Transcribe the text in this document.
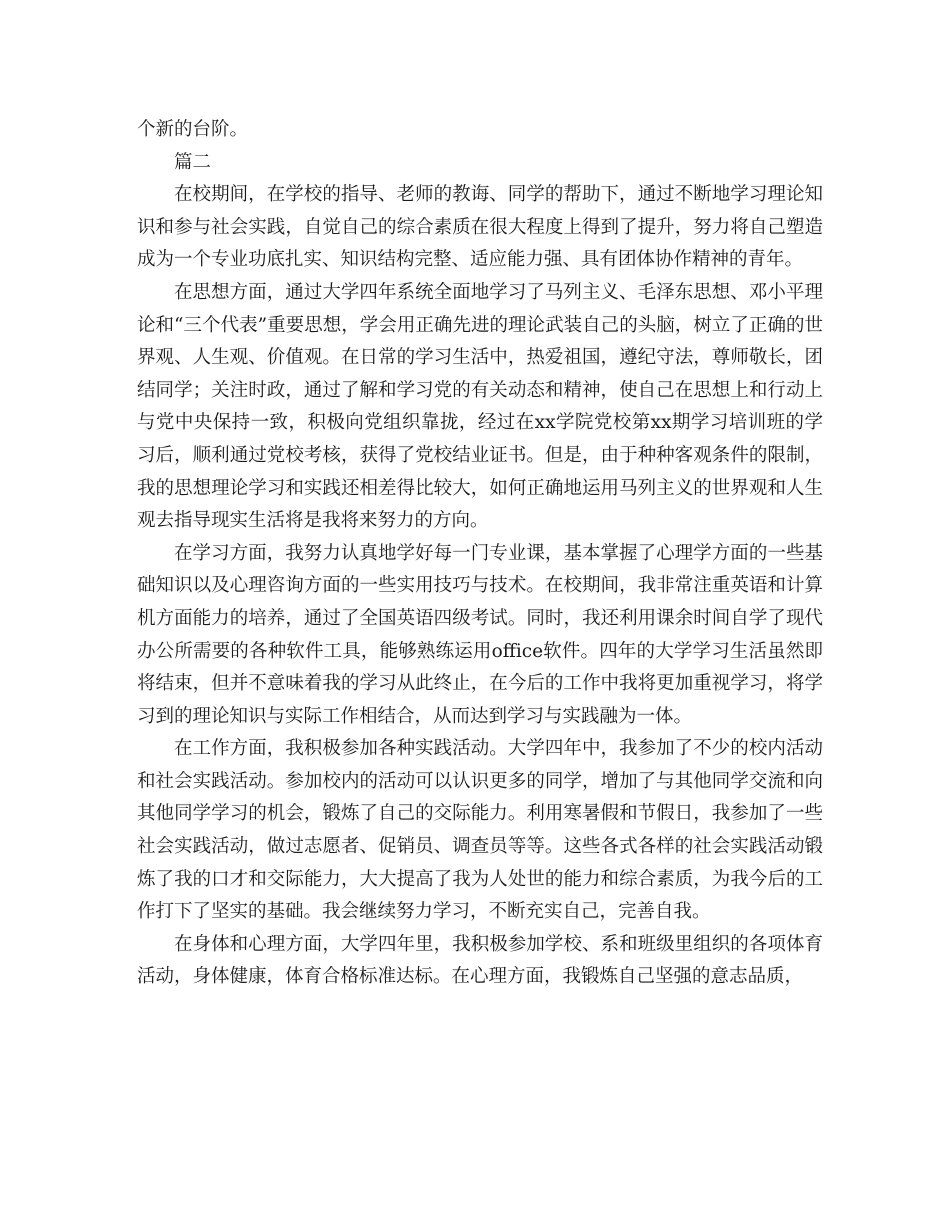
个新的台阶。

篇二

在校期间，在学校的指导、老师的教诲、同学的帮助下，通过不断地学习理论知识和参与社会实践，自觉自己的综合素质在很大程度上得到了提升，努力将自己塑造成为一个专业功底扎实、知识结构完整、适应能力强、具有团体协作精神的青年。

在思想方面，通过大学四年系统全面地学习了马列主义、毛泽东思想、邓小平理论和“三个代表”重要思想，学会用正确先进的理论武装自己的头脑，树立了正确的世界观、人生观、价值观。在日常的学习生活中，热爱祖国，遵纪守法，尊师敬长，团结同学；关注时政，通过了解和学习党的有关动态和精神，使自己在思想上和行动上与党中央保持一致，积极向党组织靠拢，经过在xx学院党校第xx期学习培训班的学习后，顺利通过党校考核，获得了党校结业证书。但是，由于种种客观条件的限制，我的思想理论学习和实践还相差得比较大，如何正确地运用马列主义的世界观和人生观去指导现实生活将是我将来努力的方向。

在学习方面，我努力认真地学好每一门专业课，基本掌握了心理学方面的一些基础知识以及心理咨询方面的一些实用技巧与技术。在校期间，我非常注重英语和计算机方面能力的培养，通过了全国英语四级考试。同时，我还利用课余时间自学了现代办公所需要的各种软件工具，能够熟练运用office软件。四年的大学学习生活虽然即将结束，但并不意味着我的学习从此终止，在今后的工作中我将更加重视学习，将学习到的理论知识与实际工作相结合，从而达到学习与实践融为一体。

在工作方面，我积极参加各种实践活动。大学四年中，我参加了不少的校内活动和社会实践活动。参加校内的活动可以认识更多的同学，增加了与其他同学交流和向其他同学学习的机会，锻炼了自己的交际能力。利用寒暑假和节假日，我参加了一些社会实践活动，做过志愿者、促销员、调查员等等。这些各式各样的社会实践活动锻炼了我的口才和交际能力，大大提高了我为人处世的能力和综合素质，为我今后的工作打下了坚实的基础。我会继续努力学习，不断充实自己，完善自我。

在身体和心理方面，大学四年里，我积极参加学校、系和班级里组织的各项体育活动，身体健康，体育合格标准达标。在心理方面，我锻炼自己坚强的意志品质，
